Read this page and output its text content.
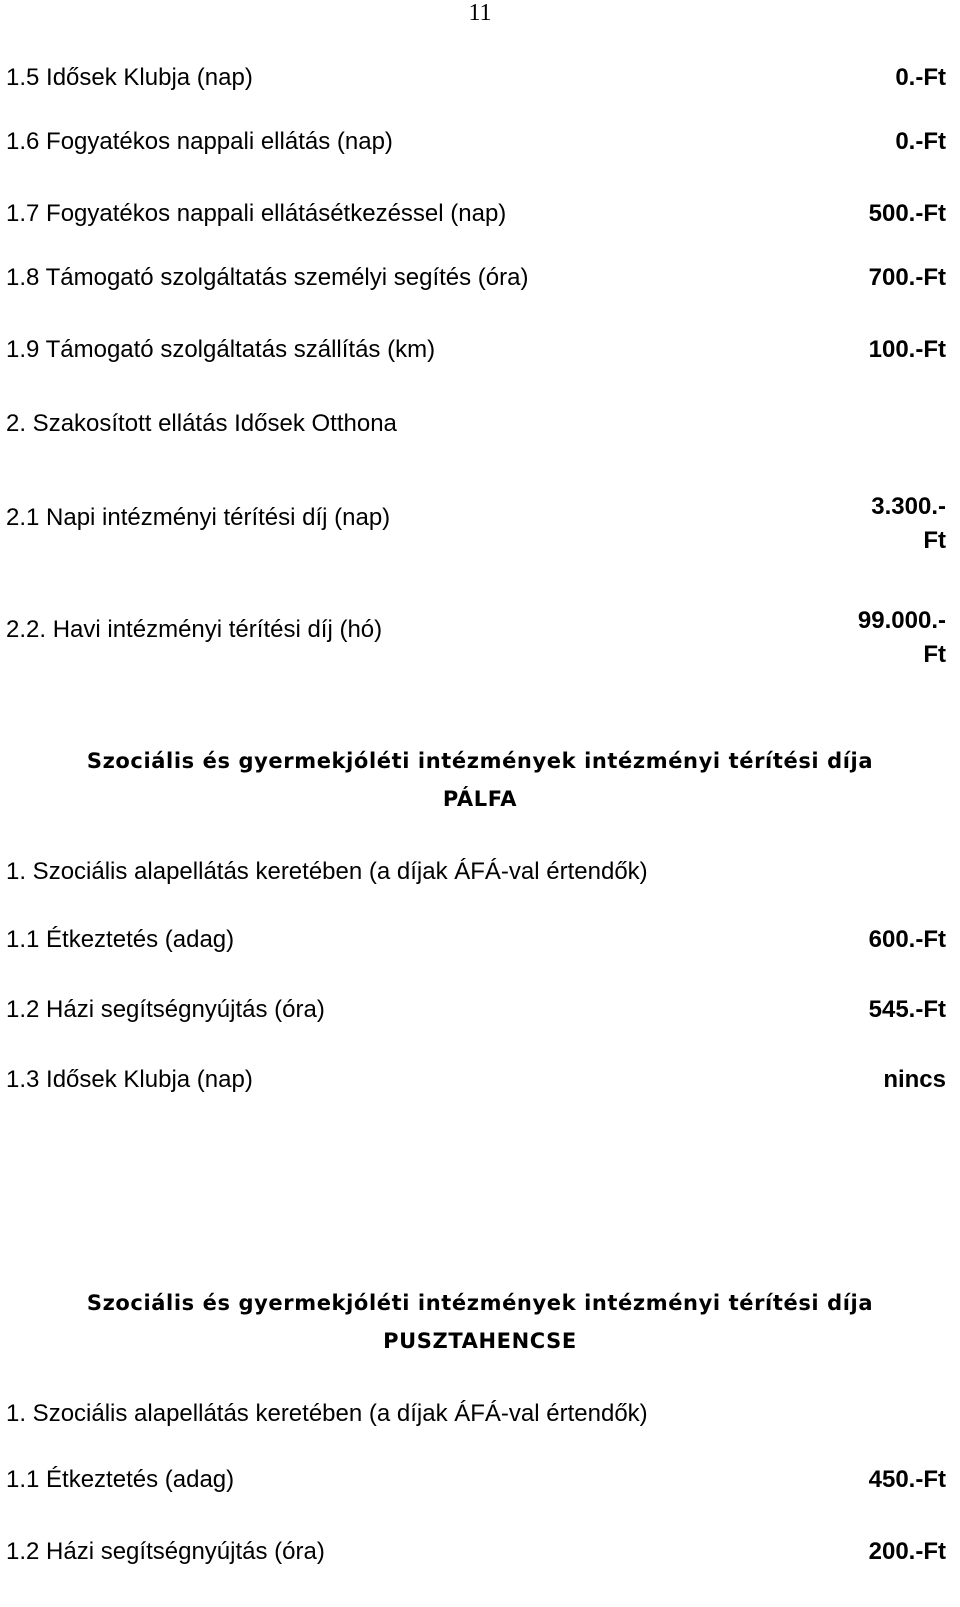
11
1.5 Idősek Klubja (nap)	0.-Ft
1.6 Fogyatékos nappali ellátás (nap)	0.-Ft
1.7 Fogyatékos nappali ellátásétkezéssel (nap)	500.-Ft
1.8 Támogató szolgáltatás személyi segítés (óra)	700.-Ft
1.9 Támogató szolgáltatás szállítás (km)	100.-Ft
2. Szakosított ellátás Idősek Otthona
2.1 Napi intézményi térítési díj (nap)	3.300.-
Ft
2.2. Havi intézményi térítési díj (hó)	99.000.-
Ft
Szociális és gyermekjóléti intézmények intézményi térítési díja
PÁLFA
1. Szociális alapellátás keretében (a díjak ÁFÁ-val értendők)
1.1 Étkeztetés (adag)	600.-Ft
1.2 Házi segítségnyújtás (óra)	545.-Ft
1.3 Idősek Klubja (nap)	nincs
Szociális és gyermekjóléti intézmények intézményi térítési díja
PUSZTAHENCSE
1. Szociális alapellátás keretében (a díjak ÁFÁ-val értendők)
1.1 Étkeztetés (adag)	450.-Ft
1.2 Házi segítségnyújtás (óra)	200.-Ft
